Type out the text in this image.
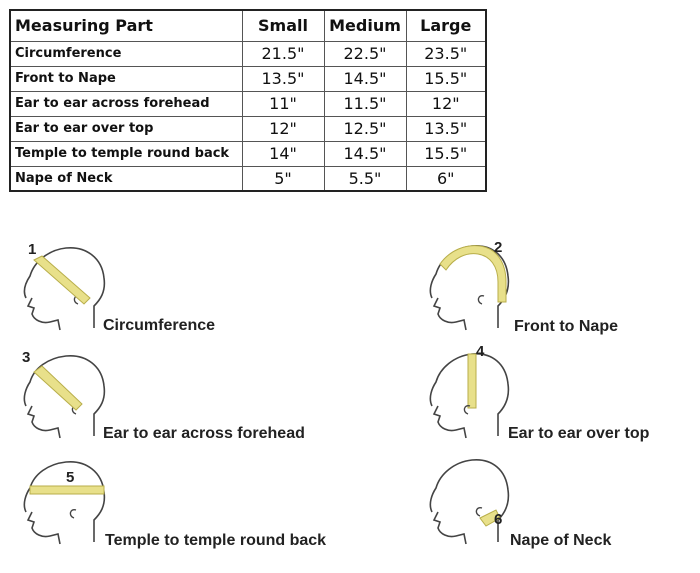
Measuring Part	Small	Medium	Large
Circumference	21.5"	22.5"	23.5"
Front to Nape	13.5"	14.5"	15.5"
Ear to ear across forehead	11"	11.5"	12"
Ear to ear over top	12"	12.5"	13.5"
Temple to temple round back	14"	14.5"	15.5"
Nape of Neck	5"	5.5"	6"
1
Circumference
2
Front to Nape
3
Ear to ear across forehead
4
Ear to ear over top
5
Temple to temple round back
6
Nape of Neck
